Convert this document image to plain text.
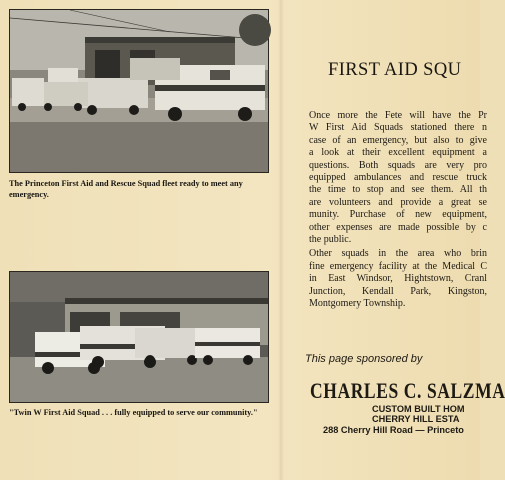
The Princeton First Aid and Rescue Squad fleet ready to meet any emergency.
"Twin W First Aid Squad . . . fully equipped to serve our community."
FIRST AID SQU

Once more the Fete will have the Pr
W First Aid Squads stationed there n
case of an emergency, but also to give
a look at their excellent equipment a
questions. Both squads are very pro
equipped ambulances and rescue truck
the time to stop and see them. All th
are volunteers and provide a great se
munity. Purchase of new equipment,
other expenses are made possible by c
the public.

Other squads in the area who brin
fine emergency facility at the Medical C
in East Windsor, Hightstown, Cranl
Junction, Kendall Park, Kingston,
Montgomery Township.

This page sponsored by
CHARLES C. SALZMA
CUSTOM BUILT HOM
CHERRY HILL ESTA
288 Cherry Hill Road — Princeto
